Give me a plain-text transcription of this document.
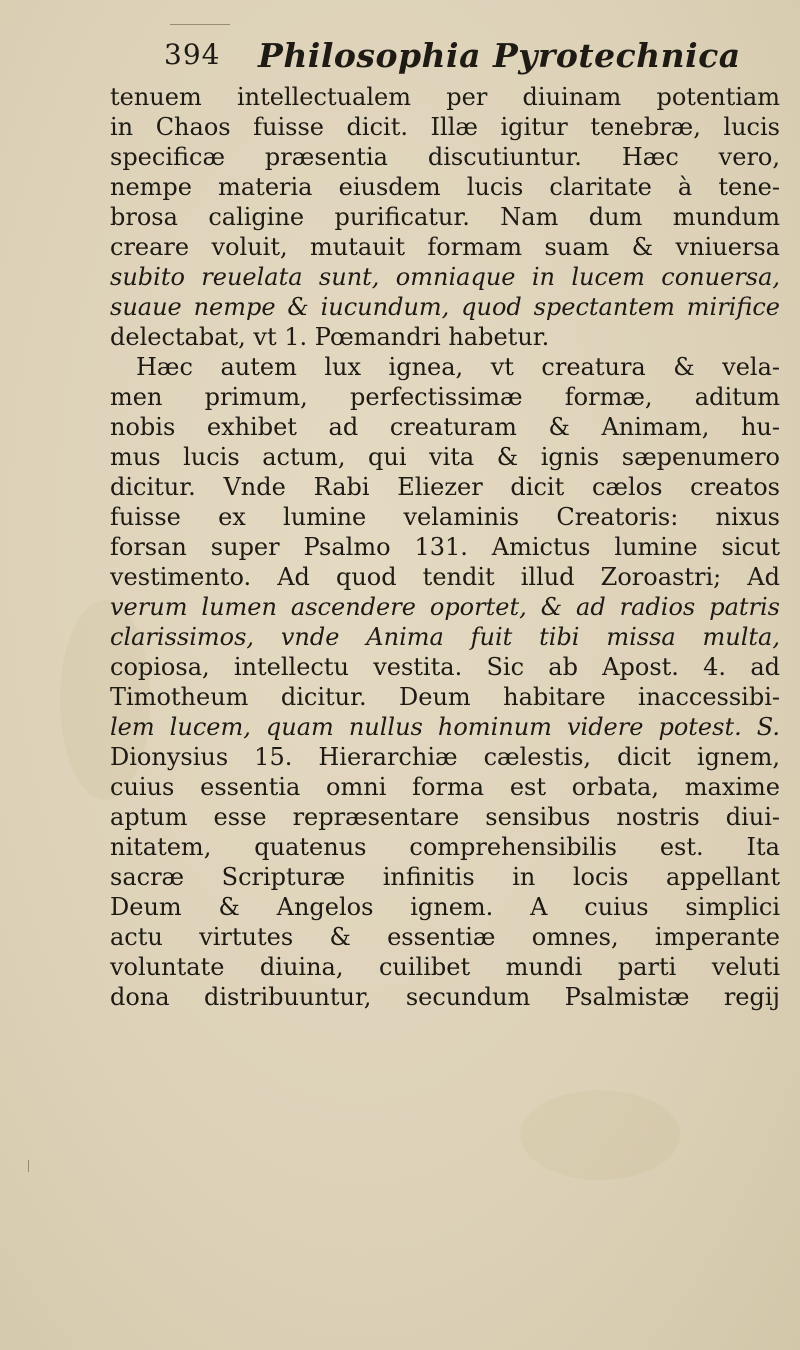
394 Philosophia Pyrotechnica
tenuem intellectualem per diuinam potentiam
in Chaos fuisse dicit. Illæ igitur tenebræ, lucis
specificæ præsentia discutiuntur. Hæc vero,
nempe materia eiusdem lucis claritate à tene-
brosa caligine purificatur. Nam dum mundum
creare voluit, mutauit formam suam & vniuersa
subito reuelata sunt, omniaque in lucem conuersa,
suaue nempe & iucundum, quod spectantem mirifice
delectabat, vt 1. Pœmandri habetur.
Hæc autem lux ignea, vt creatura & vela-
men primum, perfectissimæ formæ, aditum
nobis exhibet ad creaturam & Animam, hu-
mus lucis actum, qui vita & ignis sæpenumero
dicitur. Vnde Rabi Eliezer dicit cælos creatos
fuisse ex lumine velaminis Creatoris: nixus
forsan super Psalmo 131. Amictus lumine sicut
vestimento. Ad quod tendit illud Zoroastri; Ad
verum lumen ascendere oportet, & ad radios patris
clarissimos, vnde Anima fuit tibi missa multa,
copiosa, intellectu vestita. Sic ab Apost. 4. ad
Timotheum dicitur. Deum habitare inaccessibi-
lem lucem, quam nullus hominum videre potest. S.
Dionysius 15. Hierarchiæ cælestis, dicit ignem,
cuius essentia omni forma est orbata, maxime
aptum esse repræsentare sensibus nostris diui-
nitatem, quatenus comprehensibilis est. Ita
sacræ Scripturæ infinitis in locis appellant
Deum & Angelos ignem. A cuius simplici
actu virtutes & essentiæ omnes, imperante
voluntate diuina, cuilibet mundi parti veluti
dona distribuuntur, secundum Psalmistæ regij
